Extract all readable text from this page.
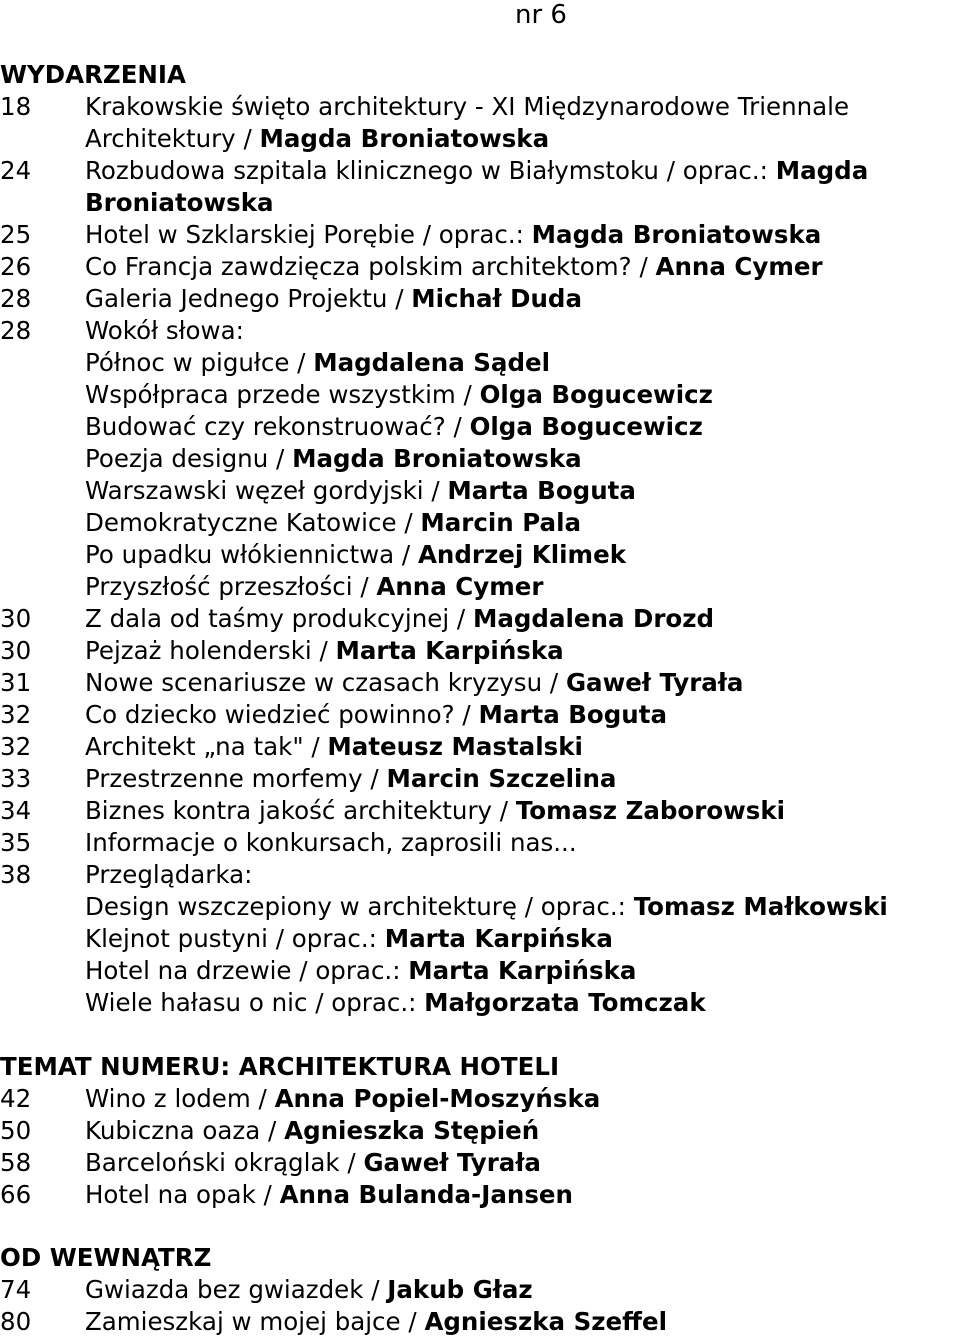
nr 6
WYDARZENIA
18	Krakowskie święto architektury - XI Międzynarodowe Triennale Architektury / Magda Broniatowska
24	Rozbudowa szpitala klinicznego w Białymstoku / oprac.: Magda Broniatowska
25	Hotel w Szklarskiej Porębie / oprac.: Magda Broniatowska
26	Co Francja zawdzięcza polskim architektom? / Anna Cymer
28	Galeria Jednego Projektu / Michał Duda
28	Wokół słowa:
Północ w pigułce / Magdalena Sądel
Współpraca przede wszystkim / Olga Bogucewicz
Budować czy rekonstruować? / Olga Bogucewicz
Poezja designu / Magda Broniatowska
Warszawski węzeł gordyjski / Marta Boguta
Demokratyczne Katowice / Marcin Pala
Po upadku włókiennictwa / Andrzej Klimek
Przyszłość przeszłości / Anna Cymer
30	Z dala od taśmy produkcyjnej / Magdalena Drozd
30	Pejzaż holenderski / Marta Karpińska
31	Nowe scenariusze w czasach kryzysu / Gaweł Tyrała
32	Co dziecko wiedzieć powinno? / Marta Boguta
32	Architekt „na tak" / Mateusz Mastalski
33	Przestrzenne morfemy / Marcin Szczelina
34	Biznes kontra jakość architektury / Tomasz Zaborowski
35	Informacje o konkursach, zaprosili nas...
38	Przeglądarka:
Design wszczepiony w architekturę / oprac.: Tomasz Małkowski
Klejnot pustyni / oprac.: Marta Karpińska
Hotel na drzewie / oprac.: Marta Karpińska
Wiele hałasu o nic / oprac.: Małgorzata Tomczak
TEMAT NUMERU: ARCHITEKTURA HOTELI
42	Wino z lodem / Anna Popiel-Moszyńska
50	Kubiczna oaza / Agnieszka Stępień
58	Barceloński okrąglak / Gaweł Tyrała
66	Hotel na opak / Anna Bulanda-Jansen
OD WEWNĄTRZ
74	Gwiazda bez gwiazdek / Jakub Głaz
80	Zamieszkaj w mojej bajce / Agnieszka Szeffel
